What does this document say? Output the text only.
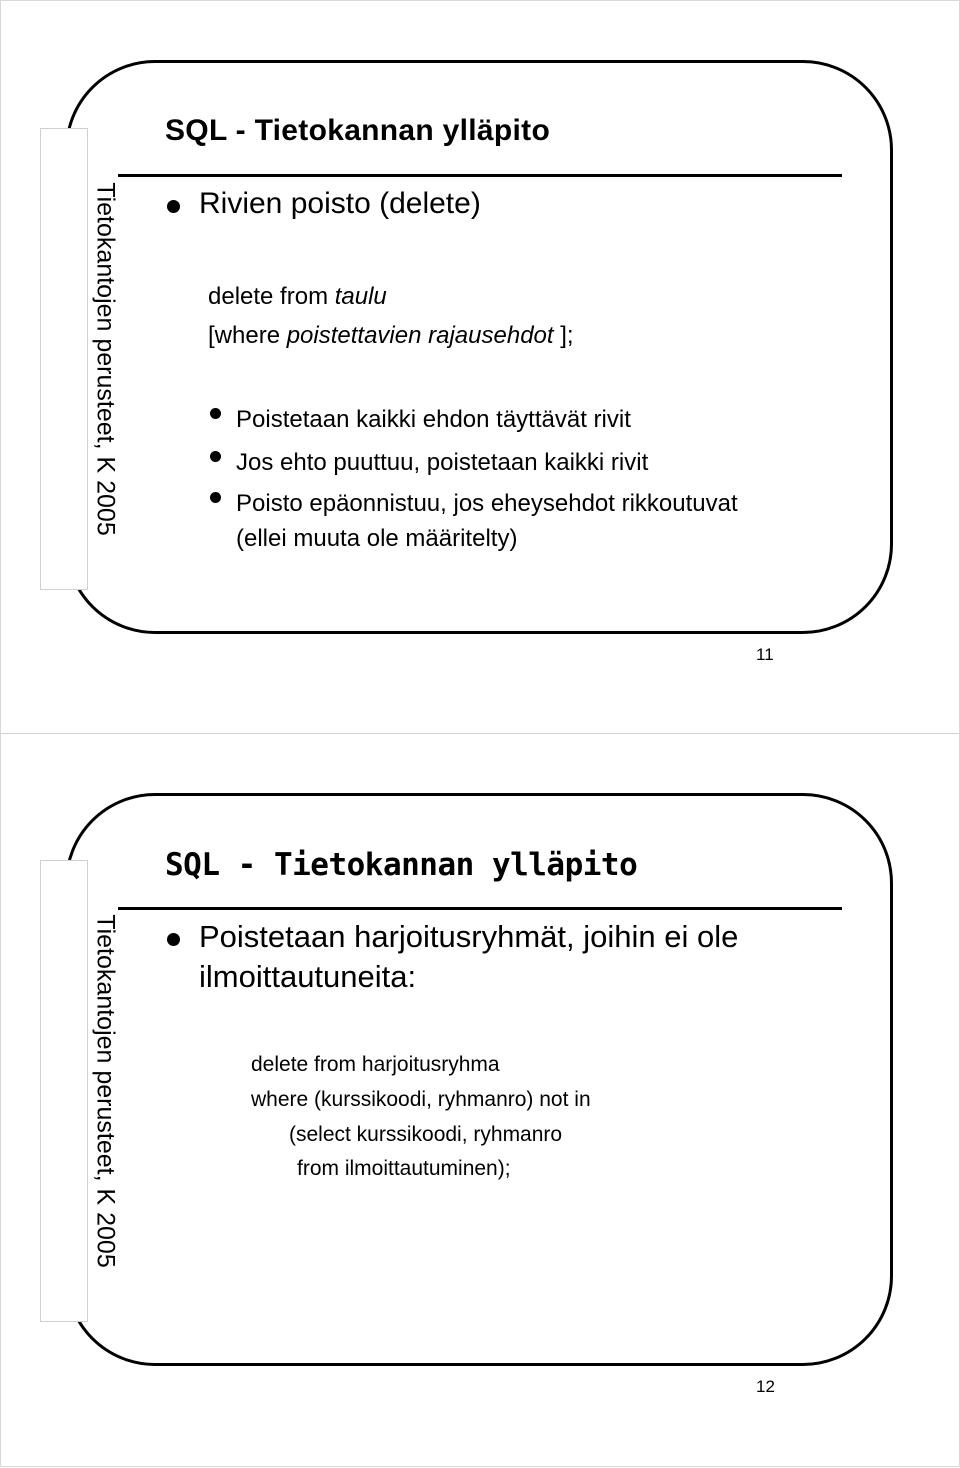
Tietokantojen perusteet, K 2005
SQL - Tietokannan ylläpito
Rivien poisto (delete)
delete from taulu
[where poistettavien rajausehdot ];
Poistetaan kaikki ehdon täyttävät rivit
Jos ehto puuttuu, poistetaan kaikki rivit
Poisto epäonnistuu, jos eheysehdot rikkoutuvat
(ellei muuta ole määritelty)
11
Tietokantojen perusteet, K 2005
SQL - Tietokannan ylläpito
Poistetaan harjoitusryhmät, joihin ei ole
ilmoittautuneita:
delete from harjoitusryhma
where (kurssikoodi, ryhmanro) not in
(select kurssikoodi, ryhmanro
from ilmoittautuminen);
12
